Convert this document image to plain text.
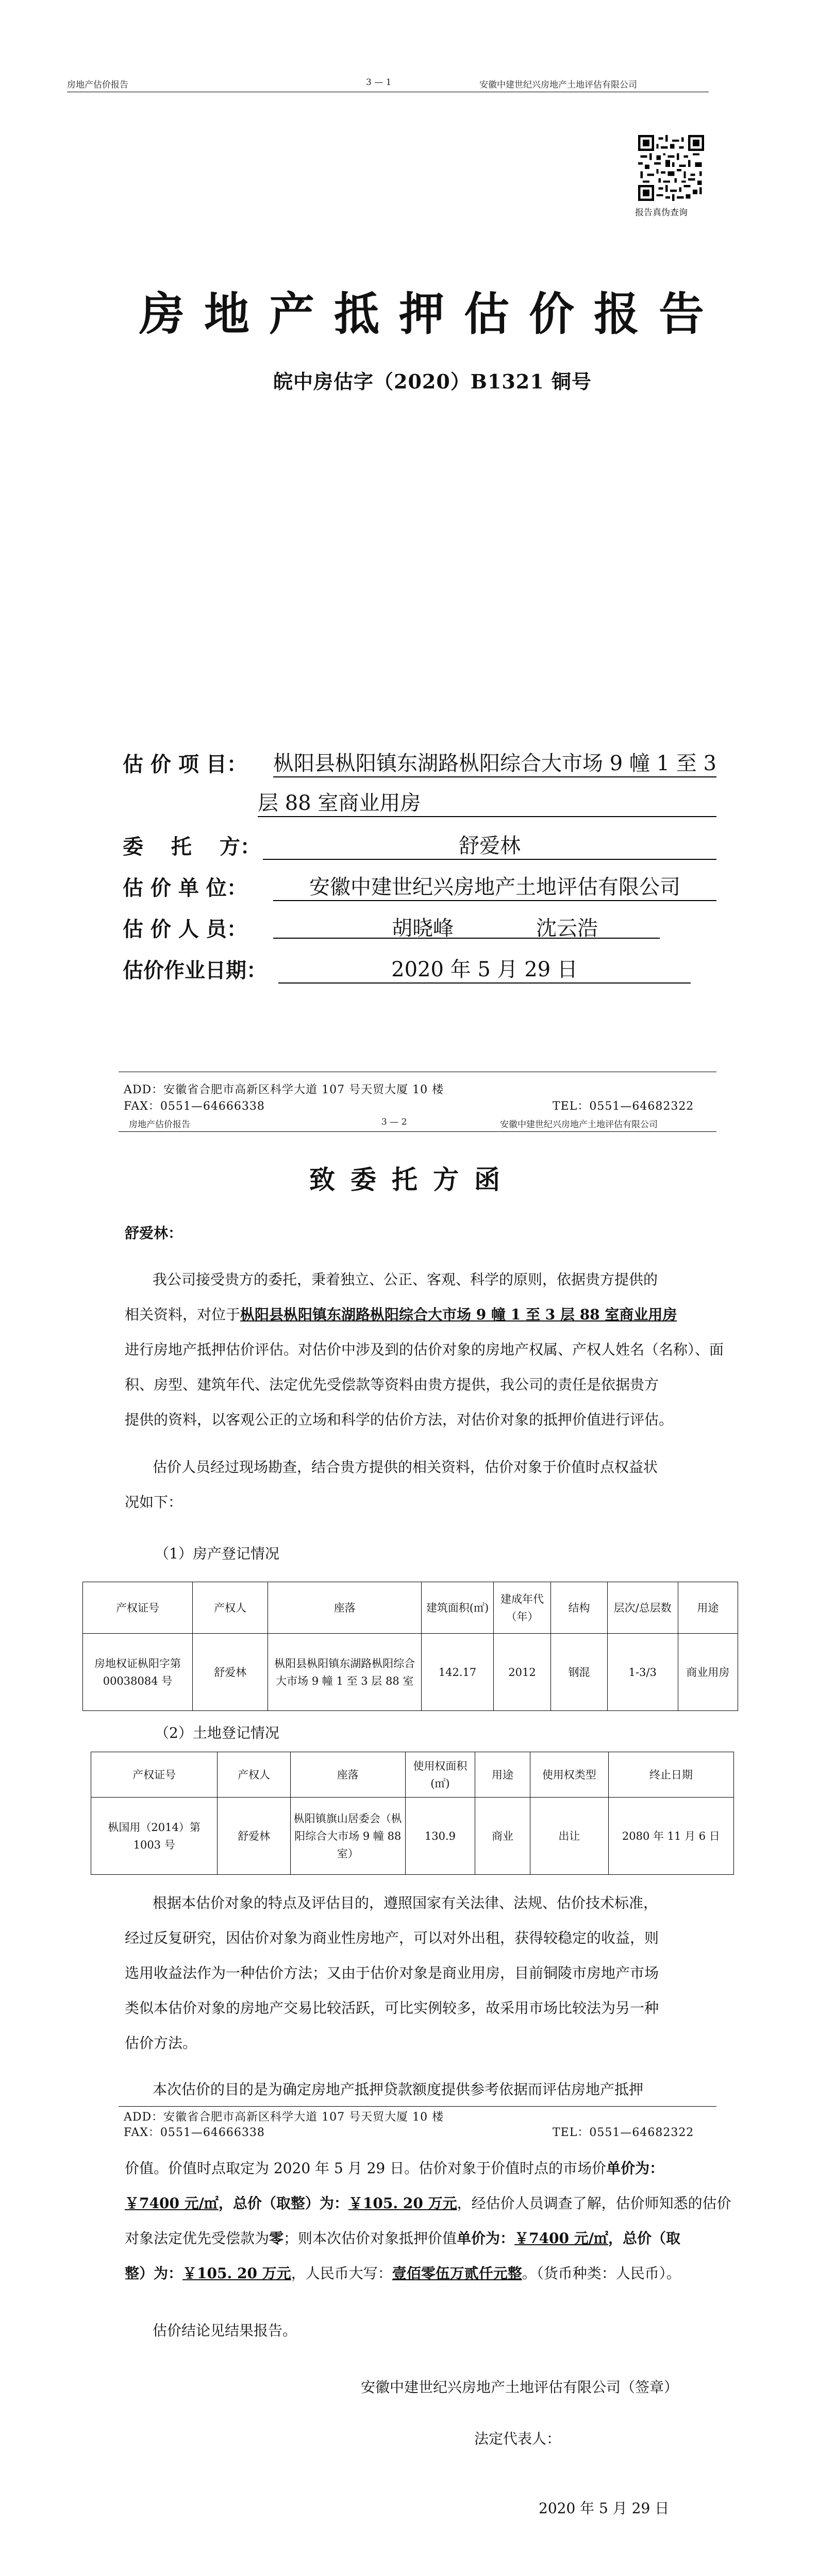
房地产估价报告	3 — 1	安徽中建世纪兴房地产土地评估有限公司
报告真伪查询
房地产抵押估价报告
皖中房估字（2020）B1321 铜号
估 价 项 目： 枞阳县枞阳镇东湖路枞阳综合大市场 9 幢 1 至 3
层 88 室商业用房
委　 托　 方：	舒爱林
估 价 单 位：	安徽中建世纪兴房地产土地评估有限公司
估 价 人 员：	胡晓峰	沈云浩
估价作业日期：	2020 年 5 月 29 日
ADD：安徽省合肥市高新区科学大道 107 号天贸大厦 10 楼
FAX：0551—64666338	TEL：0551—64682322
房地产估价报告	3 — 2	安徽中建世纪兴房地产土地评估有限公司
致委托方函
舒爱林：
我公司接受贵方的委托，秉着独立、公正、客观、科学的原则，依据贵方提供的
相关资料，对位于枞阳县枞阳镇东湖路枞阳综合大市场 9 幢 1 至 3 层 88 室商业用房
进行房地产抵押估价评估。对估价中涉及到的估价对象的房地产权属、产权人姓名（名称）、面
积、房型、建筑年代、法定优先受偿款等资料由贵方提供，我公司的责任是依据贵方
提供的资料，以客观公正的立场和科学的估价方法，对估价对象的抵押价值进行评估。
估价人员经过现场勘查，结合贵方提供的相关资料，估价对象于价值时点权益状
况如下：
（1）房产登记情况
产权证号	产权人	座落	建筑面积(㎡)	建成年代（年）	结构	层次/总层数	用途
房地权证枞阳字第 00038084 号	舒爱林	枞阳县枞阳镇东湖路枞阳综合大市场 9 幢 1 至 3 层 88 室	142.17	2012	钢混	1-3/3	商业用房
（2）土地登记情况
产权证号	产权人	座落	使用权面积(㎡)	用途	使用权类型	终止日期
枞国用（2014）第 1003 号	舒爱林	枞阳镇旗山居委会（枞阳综合大市场 9 幢 88 室）	130.9	商业	出让	2080 年 11 月 6 日
根据本估价对象的特点及评估目的，遵照国家有关法律、法规、估价技术标准，
经过反复研究，因估价对象为商业性房地产，可以对外出租，获得较稳定的收益，则
选用收益法作为一种估价方法；又由于估价对象是商业用房，目前铜陵市房地产市场
类似本估价对象的房地产交易比较活跃，可比实例较多，故采用市场比较法为另一种
估价方法。
本次估价的目的是为确定房地产抵押贷款额度提供参考依据而评估房地产抵押
ADD：安徽省合肥市高新区科学大道 107 号天贸大厦 10 楼
FAX：0551—64666338	TEL：0551—64682322
价值。价值时点取定为 2020 年 5 月 29 日。估价对象于价值时点的市场价单价为：
￥7400 元/㎡，总价（取整）为：￥105. 20 万元，经估价人员调查了解，估价师知悉的估价
对象法定优先受偿款为零；则本次估价对象抵押价值单价为：￥7400 元/㎡，总价（取
整）为：￥105. 20 万元，人民币大写：壹佰零伍万贰仟元整。（货币种类：人民币）。
估价结论见结果报告。
安徽中建世纪兴房地产土地评估有限公司（签章）
法定代表人：
2020 年 5 月 29 日
